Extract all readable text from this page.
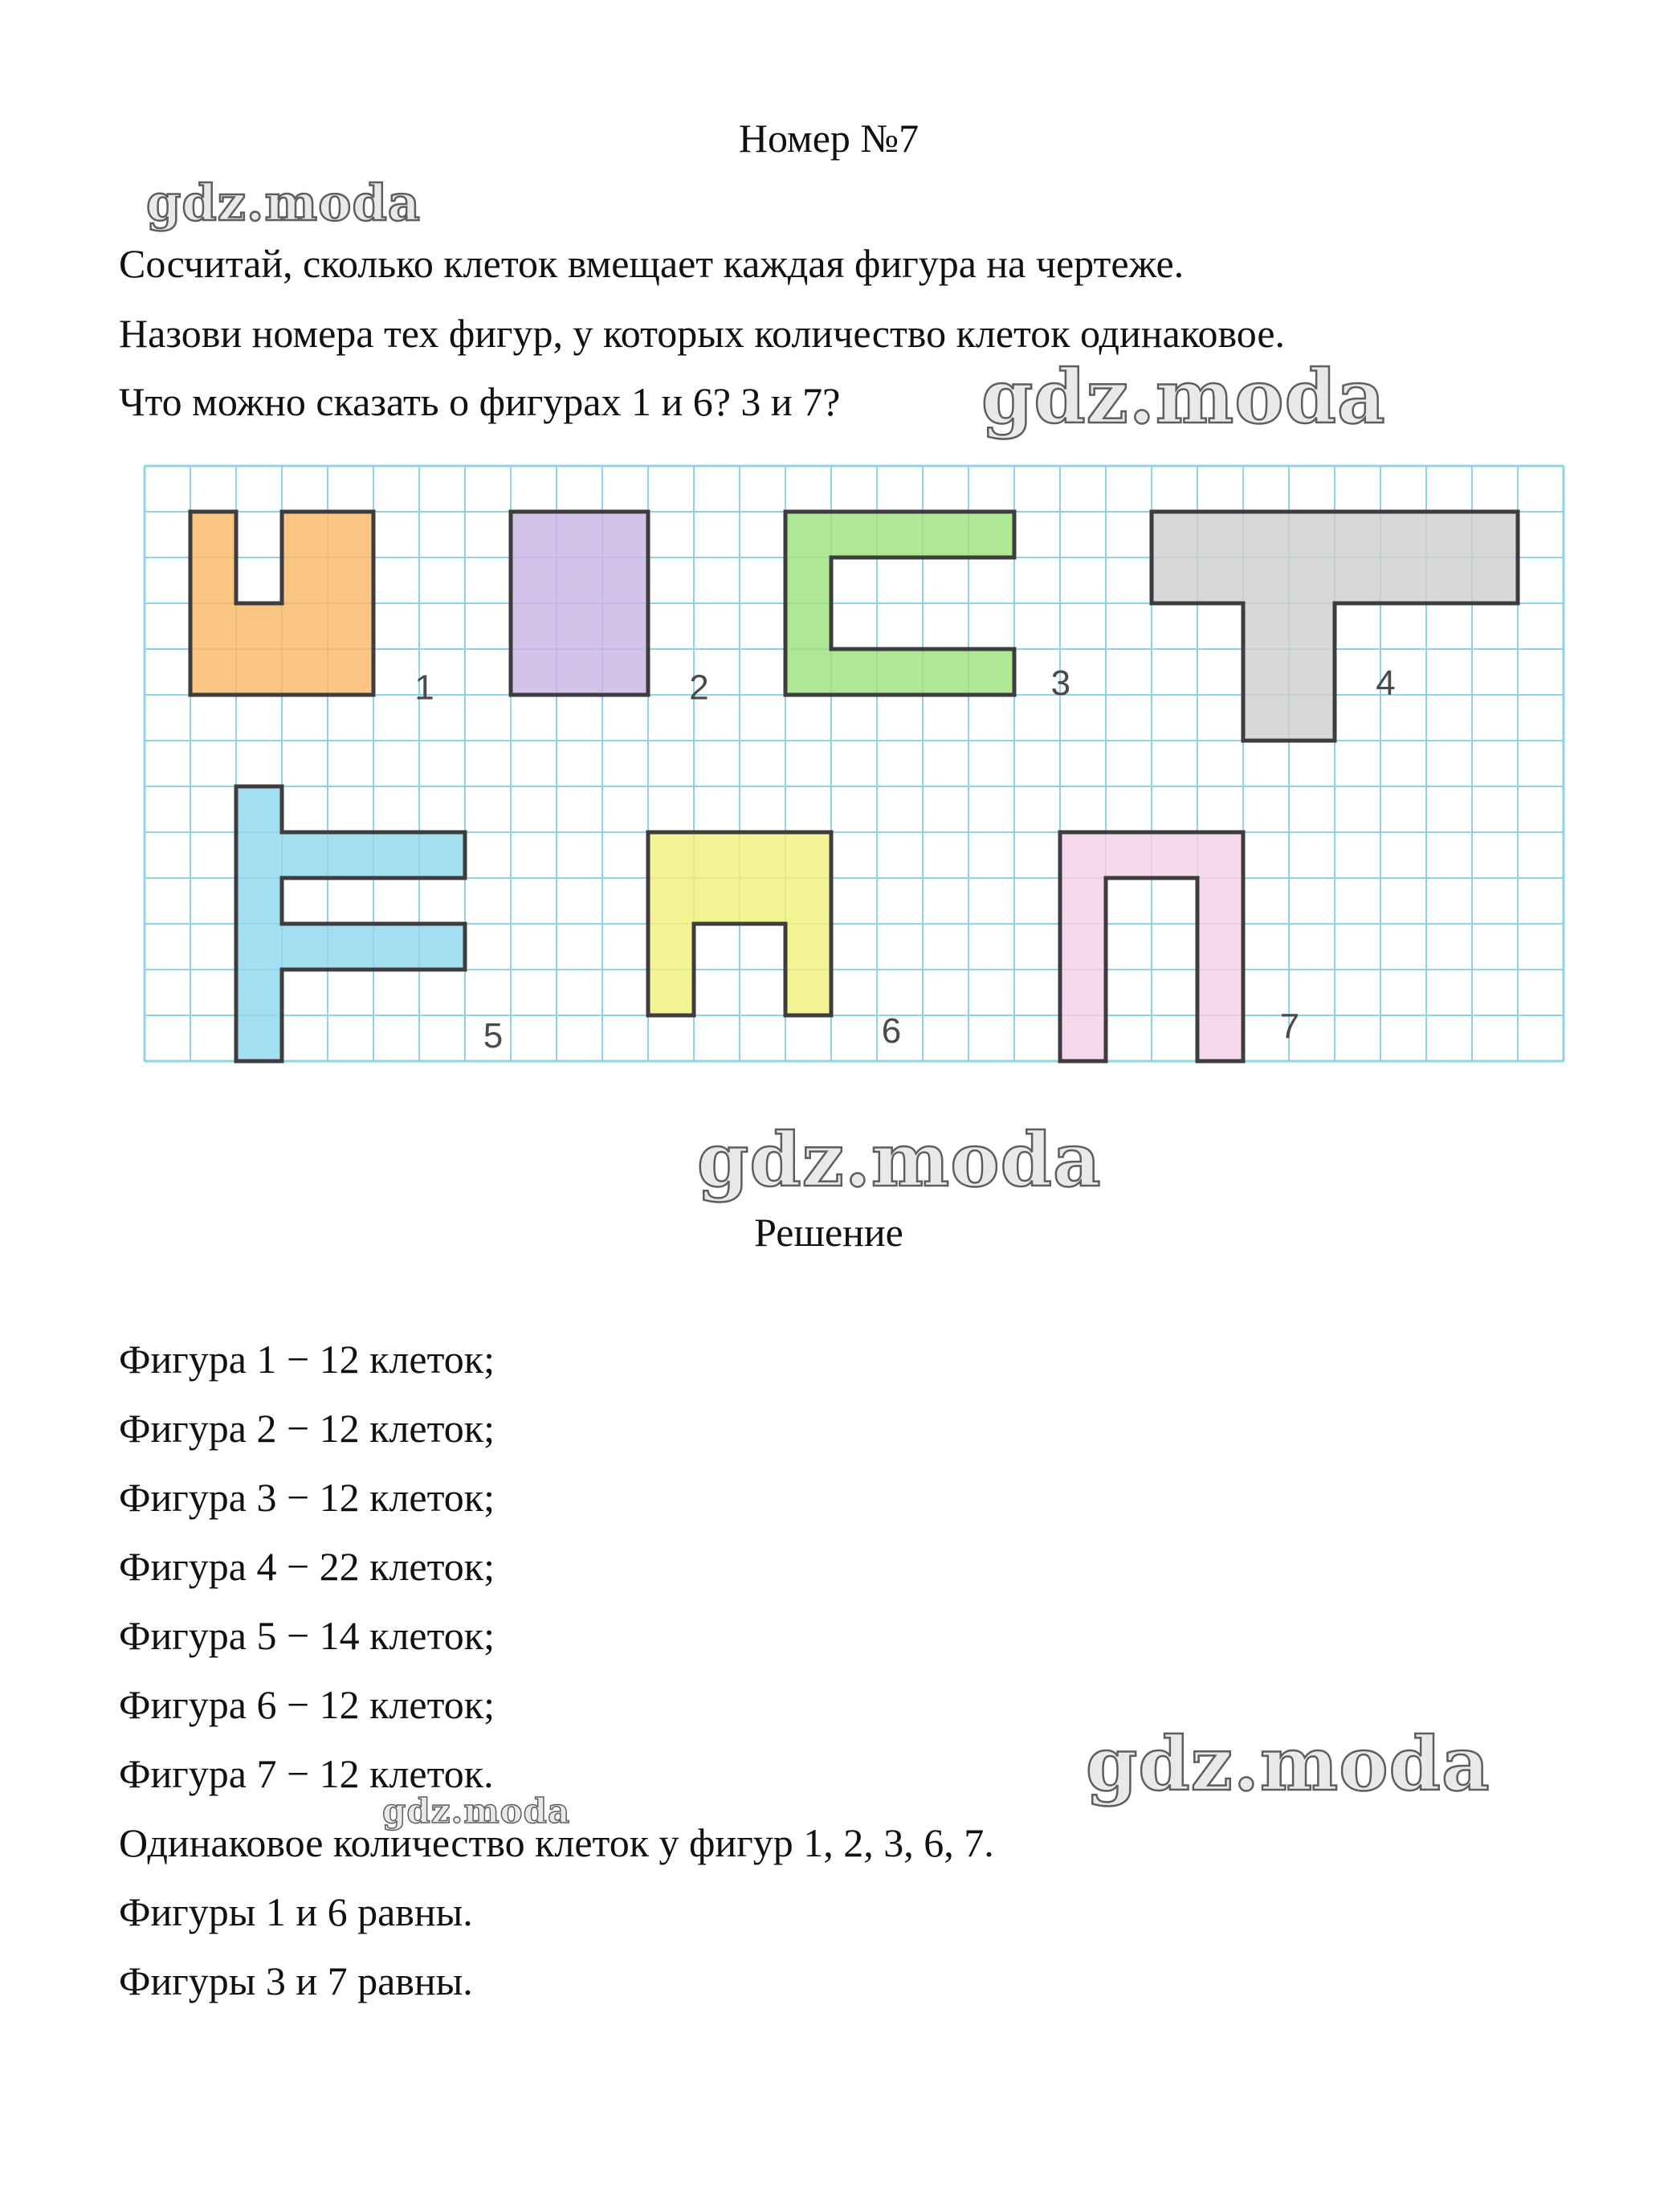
Номер №7
gdz.moda
Сосчитай, сколько клеток вмещает каждая фигура на чертеже.
Назови номера тех фигур, у которых количество клеток одинаковое.
Что можно сказать о фигурах 1 и 6? 3 и 7? gdz.moda
1	2	3	4
5	6	7
gdz.moda
Решение
Фигура 1 − 12 клеток;
Фигура 2 − 12 клеток;
Фигура 3 − 12 клеток;
Фигура 4 − 22 клеток;
Фигура 5 − 14 клеток;
Фигура 6 − 12 клеток;
Фигура 7 − 12 клеток.	gdz.moda
gdz.moda
Одинаковое количество клеток у фигур 1, 2, 3, 6, 7.
Фигуры 1 и 6 равны.
Фигуры 3 и 7 равны.
